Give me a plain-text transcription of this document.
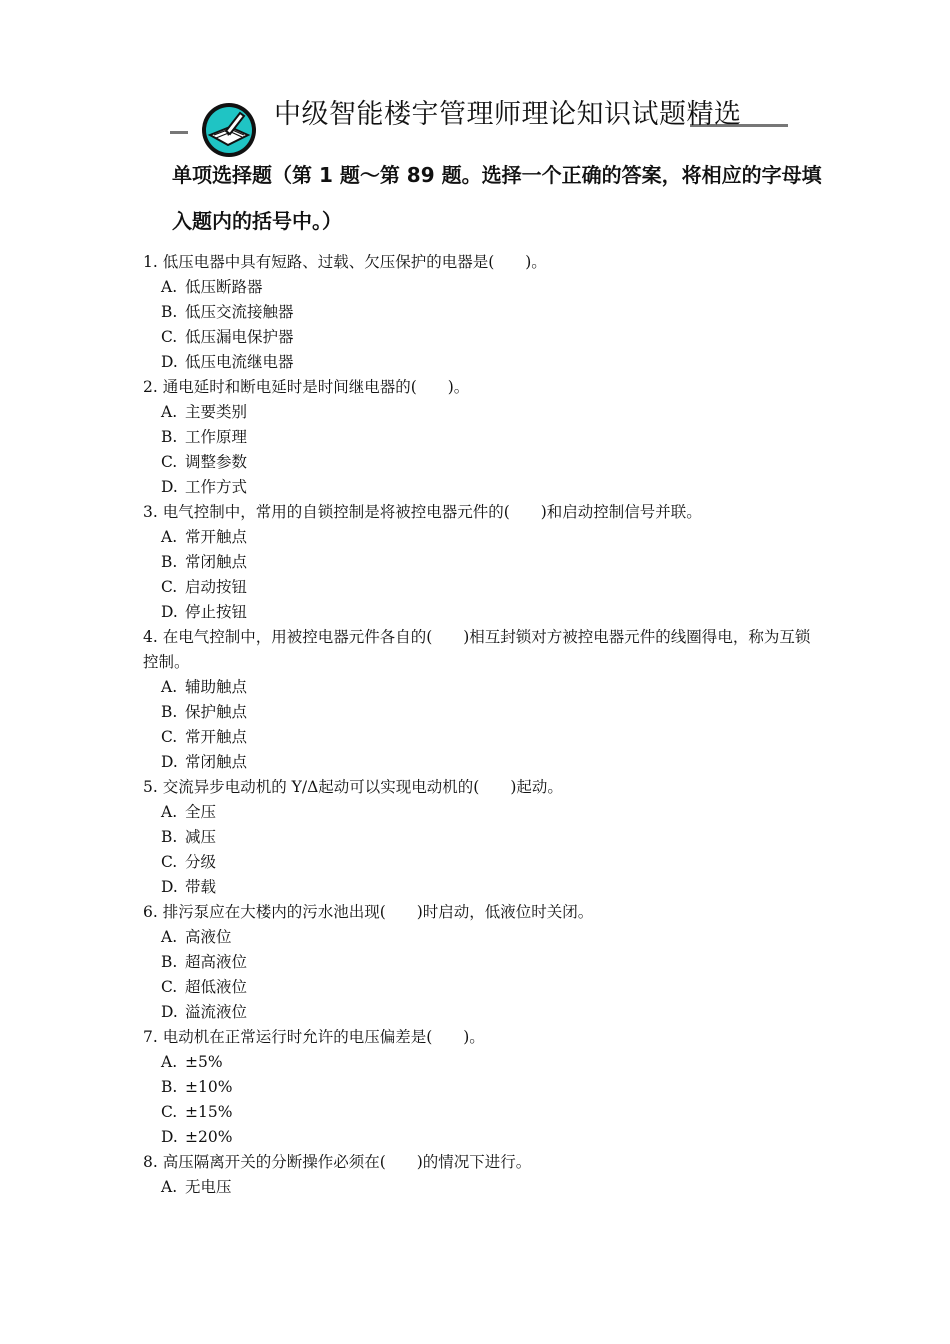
中级智能楼宇管理师理论知识试题精选
单项选择题（第 1 题～第 89 题。选择一个正确的答案，将相应的字母填入题内的括号中。）
1. 低压电器中具有短路、过载、欠压保护的电器是(　　)。
A. 低压断路器
B. 低压交流接触器
C. 低压漏电保护器
D. 低压电流继电器
2. 通电延时和断电延时是时间继电器的(　　)。
A. 主要类别
B. 工作原理
C. 调整参数
D. 工作方式
3. 电气控制中，常用的自锁控制是将被控电器元件的(　　)和启动控制信号并联。
A. 常开触点
B. 常闭触点
C. 启动按钮
D. 停止按钮
4. 在电气控制中，用被控电器元件各自的(　　)相互封锁对方被控电器元件的线圈得电，称为互锁控制。
A. 辅助触点
B. 保护触点
C. 常开触点
D. 常闭触点
5. 交流异步电动机的 Y/Δ起动可以实现电动机的(　　)起动。
A. 全压
B. 减压
C. 分级
D. 带载
6. 排污泵应在大楼内的污水池出现(　　)时启动，低液位时关闭。
A. 高液位
B. 超高液位
C. 超低液位
D. 溢流液位
7. 电动机在正常运行时允许的电压偏差是(　　)。
A. ±5%
B. ±10%
C. ±15%
D. ±20%
8. 高压隔离开关的分断操作必须在(　　)的情况下进行。
A. 无电压
